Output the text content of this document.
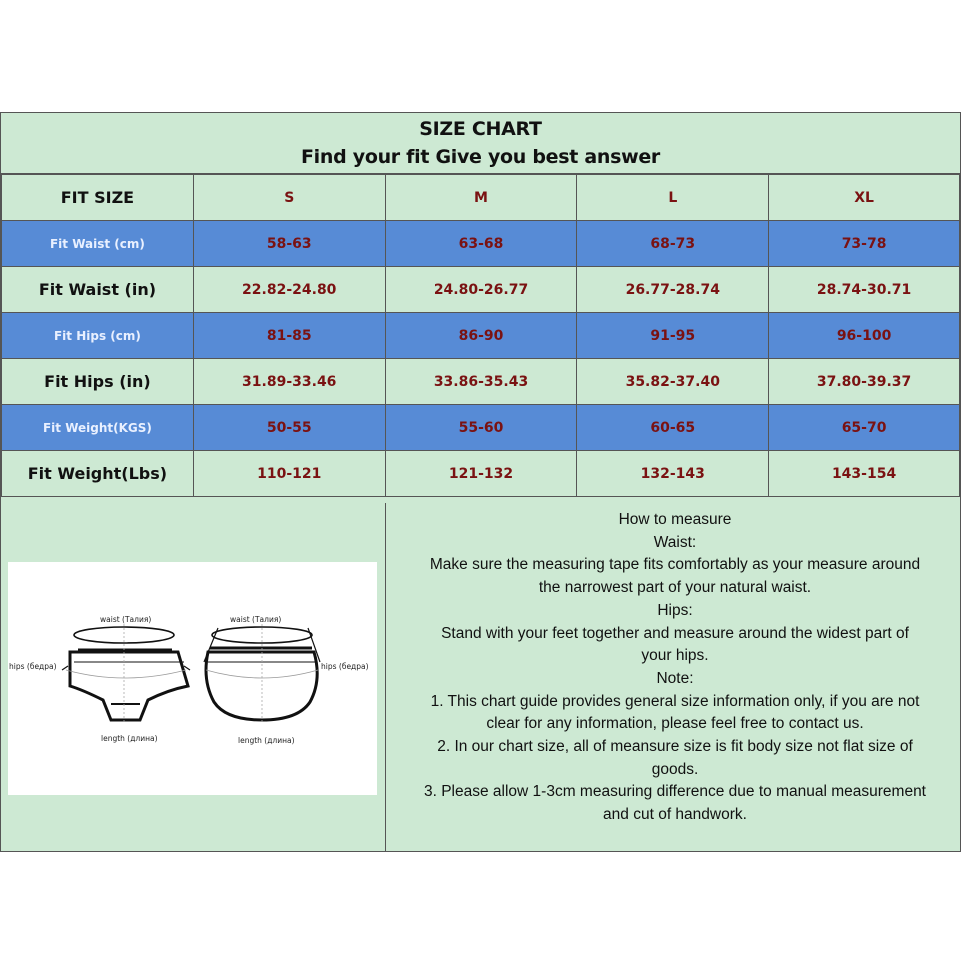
SIZE CHART
Find your fit Give you best answer
FIT SIZE	S	M	L	XL
Fit Waist (cm)	58-63	63-68	68-73	73-78
Fit Waist (in)	22.82-24.80	24.80-26.77	26.77-28.74	28.74-30.71
Fit Hips (cm)	81-85	86-90	91-95	96-100
Fit Hips (in)	31.89-33.46	33.86-35.43	35.82-37.40	37.80-39.37
Fit Weight(KGS)	50-55	55-60	60-65	65-70
Fit Weight(Lbs)	110-121	121-132	132-143	143-154
waist (Талия)	waist (Талия)
hips (бедра)	hips (бедра)
length (длина)	length (длина)
How to measure
Waist:
Make sure the measuring tape fits comfortably as your measure around
the narrowest part of your natural waist.
Hips:
Stand with your feet together and measure around the widest part of
your hips.
Note:
1. This chart guide provides general size information only, if you are not
clear for any information, please feel free to contact us.
2. In our chart size, all of meansure size is fit body size not flat size of
goods.
3. Please allow 1-3cm measuring difference due to manual measurement
and cut of handwork.
